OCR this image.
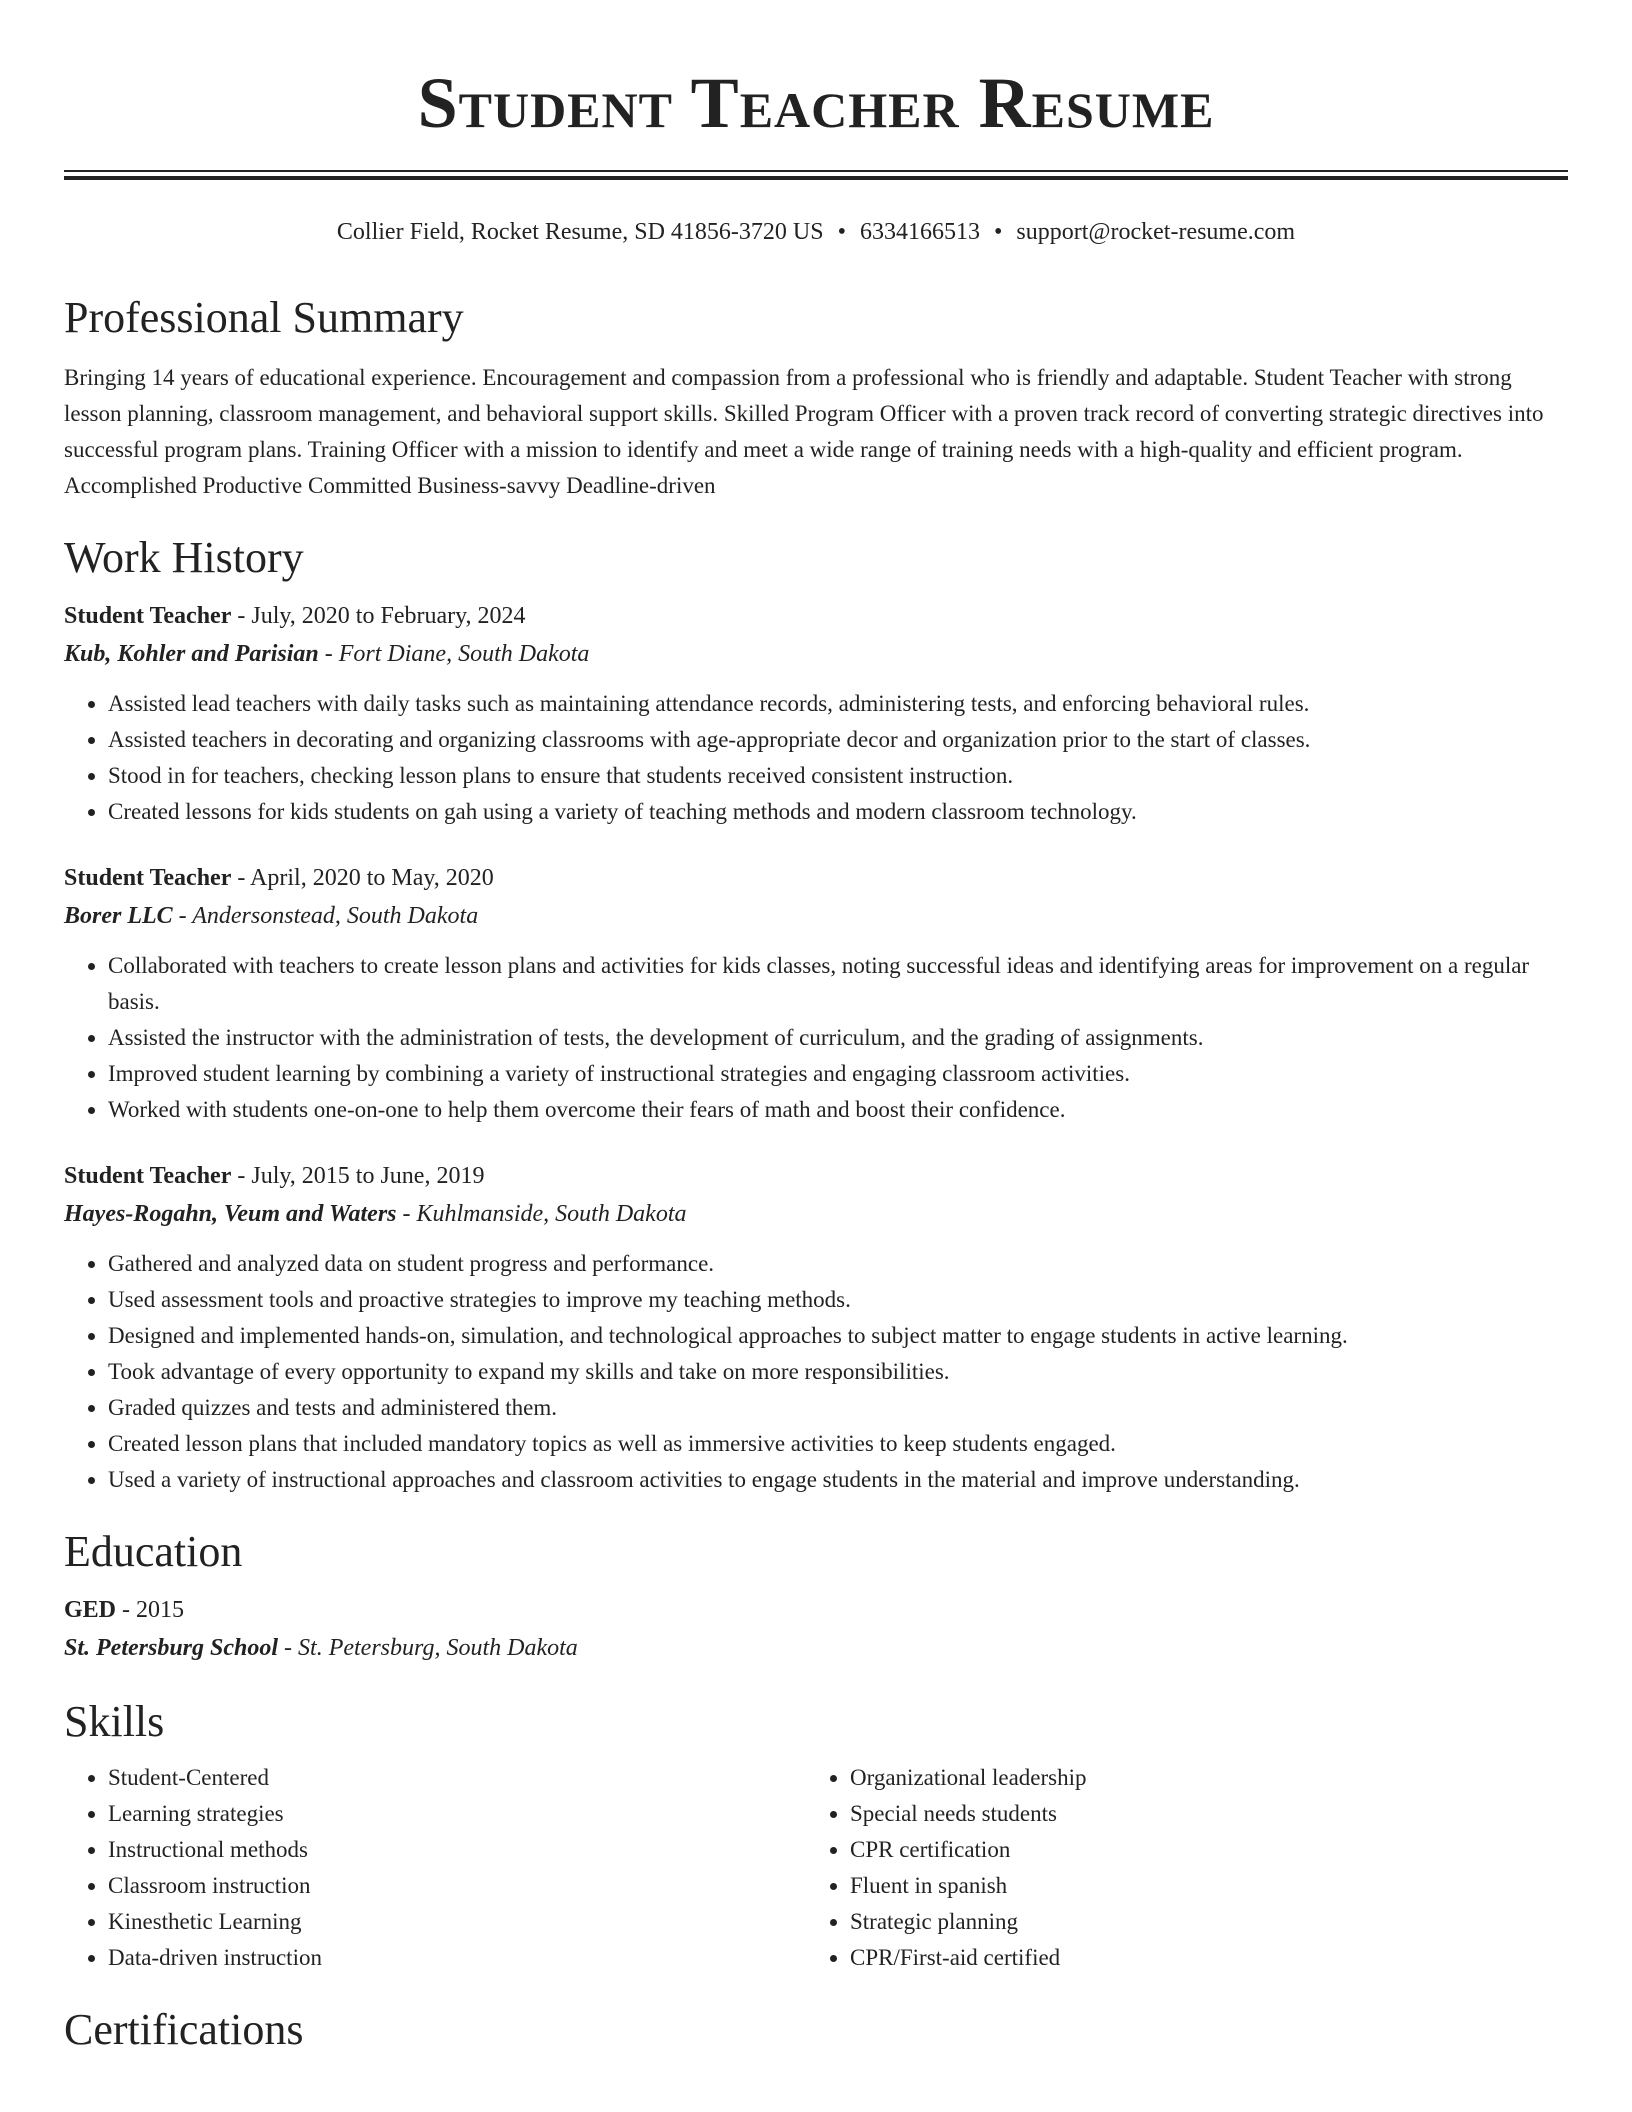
Student Teacher Resume
Collier Field, Rocket Resume, SD 41856-3720 US • 6334166513 • support@rocket-resume.com
Professional Summary

Bringing 14 years of educational experience. Encouragement and compassion from a professional who is friendly and adaptable. Student Teacher with strong lesson planning, classroom management, and behavioral support skills. Skilled Program Officer with a proven track record of converting strategic directives into successful program plans. Training Officer with a mission to identify and meet a wide range of training needs with a high-quality and efficient program. Accomplished Productive Committed Business-savvy Deadline-driven

Work History
Student Teacher - July, 2020 to February, 2024
Kub, Kohler and Parisian - Fort Diane, South Dakota
• Assisted lead teachers with daily tasks such as maintaining attendance records, administering tests, and enforcing behavioral rules.
• Assisted teachers in decorating and organizing classrooms with age-appropriate decor and organization prior to the start of classes.
• Stood in for teachers, checking lesson plans to ensure that students received consistent instruction.
• Created lessons for kids students on gah using a variety of teaching methods and modern classroom technology.
Student Teacher - April, 2020 to May, 2020
Borer LLC - Andersonstead, South Dakota
• Collaborated with teachers to create lesson plans and activities for kids classes, noting successful ideas and identifying areas for improvement on a regular basis.
• Assisted the instructor with the administration of tests, the development of curriculum, and the grading of assignments.
• Improved student learning by combining a variety of instructional strategies and engaging classroom activities.
• Worked with students one-on-one to help them overcome their fears of math and boost their confidence.
Student Teacher - July, 2015 to June, 2019
Hayes-Rogahn, Veum and Waters - Kuhlmanside, South Dakota
• Gathered and analyzed data on student progress and performance.
• Used assessment tools and proactive strategies to improve my teaching methods.
• Designed and implemented hands-on, simulation, and technological approaches to subject matter to engage students in active learning.
• Took advantage of every opportunity to expand my skills and take on more responsibilities.
• Graded quizzes and tests and administered them.
• Created lesson plans that included mandatory topics as well as immersive activities to keep students engaged.
• Used a variety of instructional approaches and classroom activities to engage students in the material and improve understanding.
Education
GED - 2015
St. Petersburg School - St. Petersburg, South Dakota
Skills
• Student-Centered
• Learning strategies
• Instructional methods
• Classroom instruction
• Kinesthetic Learning
• Data-driven instruction
• Organizational leadership
• Special needs students
• CPR certification
• Fluent in spanish
• Strategic planning
• CPR/First-aid certified
Certifications
